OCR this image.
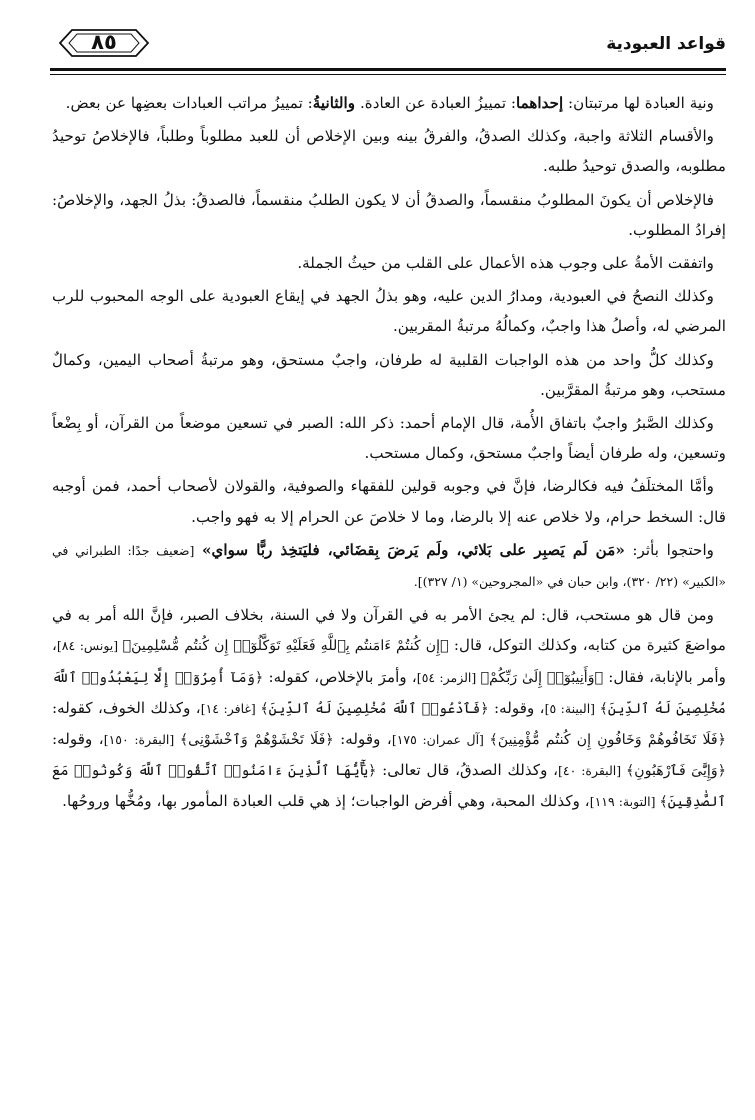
قواعد العبودية
٨٥

ونية العبادة لها مرتبتان: إحداهما: تمييزُ العبادة عن العادة. والثانيةُ: تمييزُ مراتب العبادات بعضِها عن بعض.

والأقسام الثلاثة واجبة، وكذلك الصدقُ، والفرقُ بينه وبين الإخلاص أن للعبد مطلوباً وطلباً، فالإخلاصُ توحيدُ مطلوبه، والصدق توحيدُ طلبه.

فالإخلاص أن يكونَ المطلوبُ منقسماً، والصدقُ أن لا يكون الطلبُ منقسماً، فالصدقُ: بذلُ الجهد، والإخلاصُ: إفرادُ المطلوب.

واتفقت الأمةُ على وجوب هذه الأعمال على القلب من حيثُ الجملة.

وكذلك النصحُ في العبودية، ومدارُ الدين عليه، وهو بذلُ الجهد في إيقاع العبودية على الوجه المحبوب للرب المرضي له، وأصلُ هذا واجبٌ، وكمالُهُ مرتبةُ المقربين.

وكذلك كلُّ واحد من هذه الواجبات القلبية له طرفان، واجبٌ مستحق، وهو مرتبةُ أصحاب اليمين، وكمالٌ مستحب، وهو مرتبةُ المقرَّبين.

وكذلك الصَّبرُ واجبٌ باتفاق الأُمة، قال الإمام أحمد: ذكر الله: الصبر في تسعين موضعاً من القرآن، أو بِضْعاً وتسعين، وله طرفان أيضاً واجبٌ مستحق، وكمال مستحب.

وأمَّا المختلَفُ فيه فكالرضا، فإنَّ في وجوبه قولين للفقهاء والصوفية، والقولان لأصحاب أحمد، فمن أوجبه قال: السخط حرام، ولا خلاص عنه إلا بالرضا، وما لا خلاصَ عن الحرام إلا به فهو واجب.

واحتجوا بأثر: «مَن لَم يَصبِر على بَلائي، ولَم يَرضَ بِقضَائي، فليَتخِذ ربًّا سواي» [ضعيف جدًا: الطبراني في «الكبير» (٢٢/ ٣٢٠)، وابن حبان في «المجروحين» (١/ ٣٢٧)].

ومن قال هو مستحب، قال: لم يجئ الأمر به في القرآن ولا في السنة، بخلاف الصبر، فإنَّ الله أمر به في مواضعَ كثيرة من كتابه، وكذلك التوكل، قال: ﴿إِن كُنتُمْ ءَامَنتُم بِٱللَّهِ فَعَلَيْهِ تَوَكَّلُوٓا۟ إِن كُنتُم مُّسْلِمِينَ﴾ [يونس: ٨٤]، وأمر بالإنابة، فقال: ﴿وَأَنِيبُوٓا۟ إِلَىٰ رَبِّكُمْ﴾ [الزمر: ٥٤]، وأمرَ بالإخلاص، كقوله: ﴿وَمَآ أُمِرُوٓا۟ إِلَّا لِيَعْبُدُوا۟ ٱللَّهَ مُخْلِصِينَ لَهُ ٱلدِّينَ﴾ [البينة: ٥]، وقوله: ﴿فَٱدْعُوا۟ ٱللَّهَ مُخْلِصِينَ لَهُ ٱلدِّينَ﴾ [غافر: ١٤]، وكذلك الخوف، كقوله: ﴿فَلَا تَخَافُوهُمْ وَخَافُونِ إِن كُنتُم مُّؤْمِنِينَ﴾ [آل عمران: ١٧٥]، وقوله: ﴿فَلَا تَخْشَوْهُمْ وَٱخْشَوْنِى﴾ [البقرة: ١٥٠]، وقوله: ﴿وَإِيَّٰىَ فَٱرْهَبُونِ﴾ [البقرة: ٤٠]، وكذلك الصدقُ، قال تعالى: ﴿يَٰٓأَيُّهَا ٱلَّذِينَ ءَامَنُوا۟ ٱتَّقُوا۟ ٱللَّهَ وَكُونُوا۟ مَعَ ٱلصَّٰدِقِينَ﴾ [التوبة: ١١٩]، وكذلك المحبة، وهي أفرض الواجبات؛ إذ هي قلب العبادة المأمور بها، ومُخُّها وروحُها.
